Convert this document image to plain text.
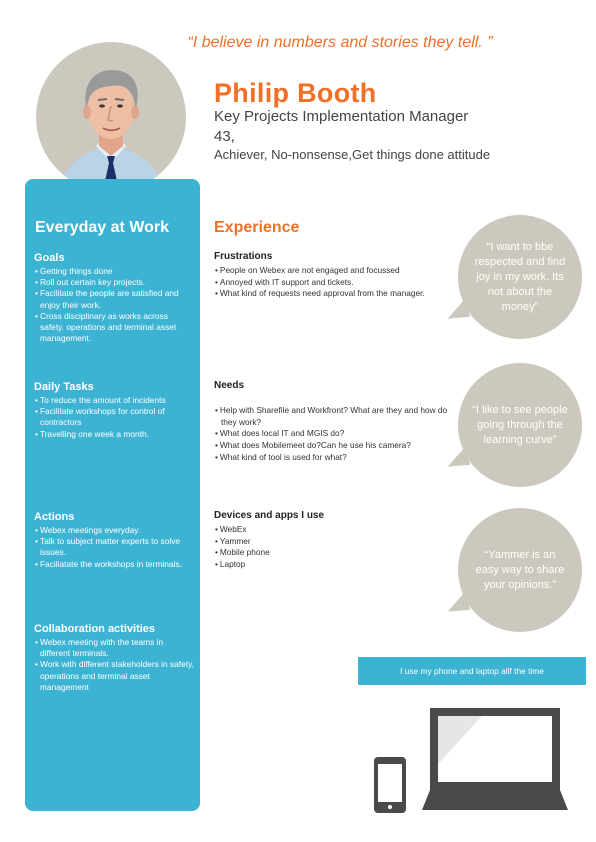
“I believe in numbers and stories they tell. ”
Philip Booth
Key Projects Implementation Manager
43,
Achiever, No-nonsense,Get things done attitude
Everyday at Work
Goals
• Getting things done
• Roll out certain key projects.
• Facilitate the people are satisfied and enjoy their work.
• Cross disciplinary as works across safety. operations and terminal asset management.
Daily Tasks
• To reduce the amount of incidents
• Facilitate workshops for control of contractors
• Travelling one week a month.
Actions
• Webex meetings everyday.
• Talk to subject matter experts to solve issues.
• Faciliatate the workshops in terminals.
Collaboration activities
• Webex meeting with the teams in different terminals.
• Work with different stakeholders in safety, operations and terminal asset management
Experience
Frustrations
• People on Webex are not engaged and focussed
• Annoyed with IT support and tickets.
• What kind of requests need approval from the manager.
Needs
• Help with Sharefile and Workfront? What are they and how do they work?
• What does local IT and MGIS do?
• What does Mobilemeet do?Can he use his camera?
• What kind of tool is used for what?
Devices and apps I use
• WebEx
• Yammer
• Mobile phone
• Laptop
“I want to bbe respected and find joy in my work. Its not about the money”
“I like to see people going through the learning curve”
“Yammer is an easy way to share your opinions.”
I use my phone and laptop allf the time
